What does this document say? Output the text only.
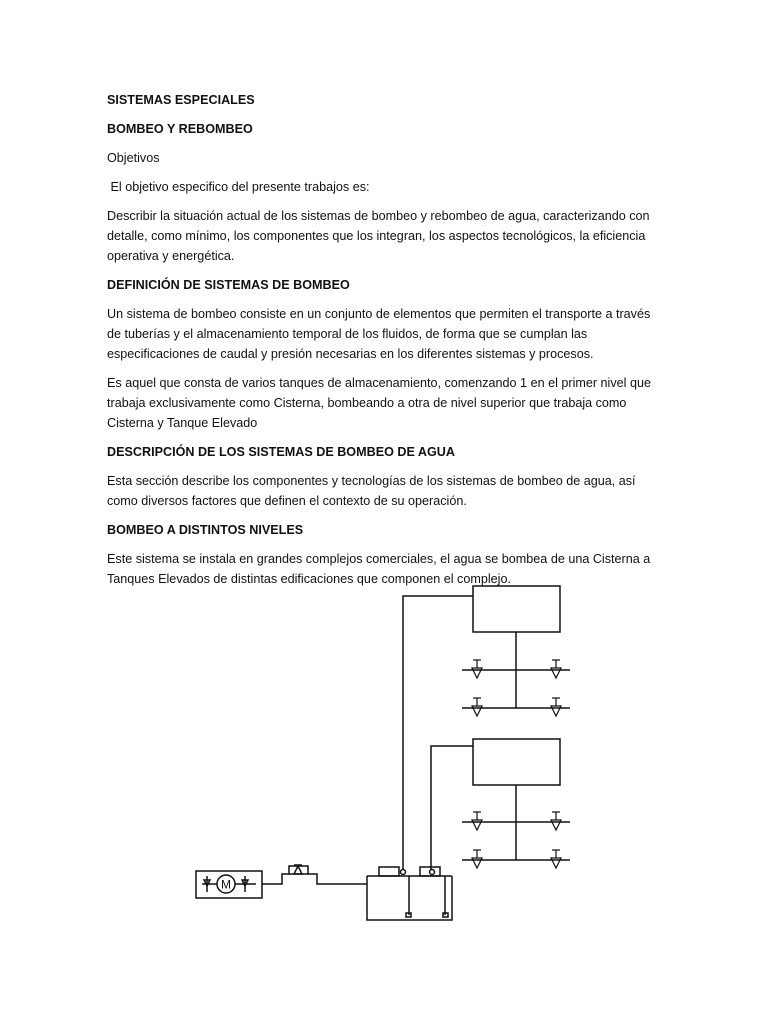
SISTEMAS ESPECIALES

BOMBEO Y REBOMBEO

Objetivos

El objetivo especifico del presente trabajos es:

Describir la situación actual de los sistemas de bombeo y rebombeo de agua, caracterizando con detalle, como mínimo, los componentes que los integran, los aspectos tecnológicos, la eficiencia operativa y energética.

DEFINICIÓN DE SISTEMAS DE BOMBEO

Un sistema de bombeo consiste en un conjunto de elementos que permiten el transporte a través de tuberías y el almacenamiento temporal de los fluidos, de forma que se cumplan las especificaciones de caudal y presión necesarias en los diferentes sistemas y procesos.

Es aquel que consta de varios tanques de almacenamiento, comenzando 1 en el primer nivel que trabaja exclusivamente como Cisterna, bombeando a otra de nivel superior que trabaja como Cisterna y Tanque Elevado

DESCRIPCIÓN DE LOS SISTEMAS DE BOMBEO DE AGUA

Esta sección describe los componentes y tecnologías de los sistemas de bombeo de agua, así como diversos factores que definen el contexto de su operación.

BOMBEO A DISTINTOS NIVELES

Este sistema se instala en grandes complejos comerciales, el agua se bombea de una Cisterna a Tanques Elevados de distintas edificaciones que componen el complejo.

M
